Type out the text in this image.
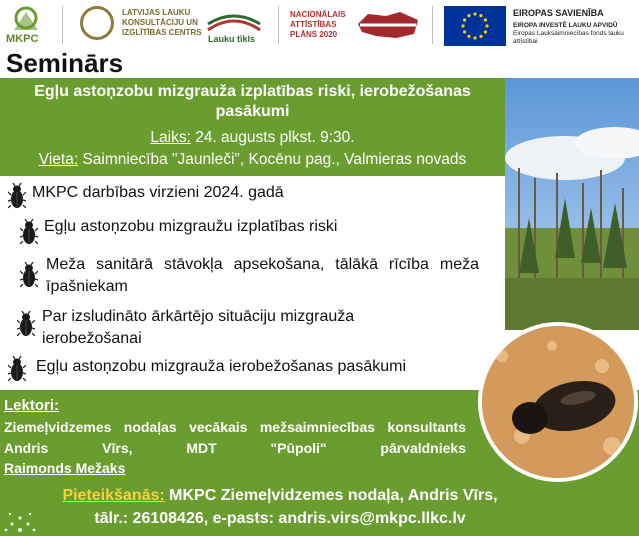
MKPC
LATVIJAS LAUKU KONSULTĀCIJU UN IZGLĪTĪBAS CENTRS
Lauku tīkls
NACIONĀLAIS ATTĪSTĪBAS PLĀNS 2020
EIROPAS SAVIENĪBA
EIROPA INVESTĒ LAUKU APVIDŪ
Eiropas Lauksaimniecības fonds lauku attīstībai
Seminārs
Egļu astoņzobu mizgrauža izplatības riski, ierobežošanas pasākumi
Laiks: 24. augusts plkst. 9:30.
Vieta: Saimniecība "Jaunleči", Kocēnu pag., Valmieras novads
MKPC darbības virzieni 2024. gadā
Egļu astoņzobu mizgraužu izplatības riski
Meža sanitārā stāvokļa apsekošana, tālākā rīcība meža īpašniekam
Par izsludināto ārkārtējo situāciju mizgrauža ierobežošanai
Egļu astoņzobu mizgrauža ierobežošanas pasākumi
Lektori:
Ziemeļvidzemes nodaļas vecākais mežsaimniecības konsultants Andris Vīrs, MDT "Pūpoli" pārvaldnieks
Raimonds Mežaks
Pieteikšanās: MKPC Ziemeļvidzemes nodaļa, Andris Vīrs,
tālr.: 26108426, e-pasts: andris.virs@mkpc.llkc.lv
